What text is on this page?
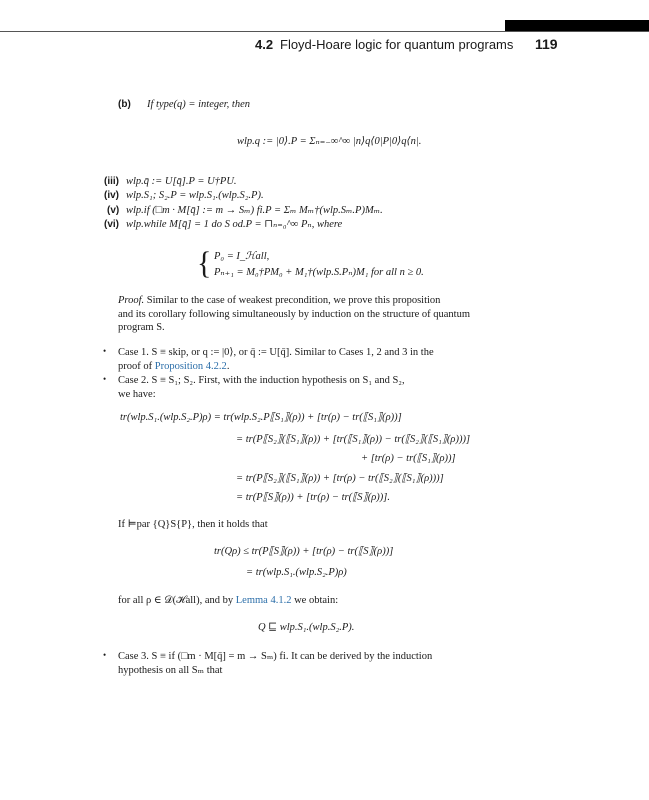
4.2 Floyd-Hoare logic for quantum programs 119
(b) If type(q) = integer, then
wlp.q := |0⟩.P = Σₙ₌₋∞^∞ |n⟩q⟨0|P|0⟩q⟨n|.
(iii) wlp.q̄ := U[q̄].P = U†PU.
(iv) wlp.S₁; S₂.P = wlp.S₁.(wlp.S₂.P).
(v) wlp.if (□m · M[q̄] := m → Sₘ) fi.P = Σₘ Mₘ†(wlp.Sₘ.P)Mₘ.
(vi) wlp.while M[q̄] = 1 do S od.P = ⊓ₙ₌₀^∞ Pₙ, where
{ P₀ = I_ℋall,
Pₙ₊₁ = M₀†PM₀ + M₁†(wlp.S.Pₙ)M₁ for all n ≥ 0.
Proof. Similar to the case of weakest precondition, we prove this proposition
and its corollary following simultaneously by induction on the structure of quantum
program S.
• Case 1. S ≡ skip, or q := |0⟩, or q̄ := U[q̄]. Similar to Cases 1, 2 and 3 in the
proof of Proposition 4.2.2.
• Case 2. S ≡ S₁; S₂. First, with the induction hypothesis on S₁ and S₂,
we have:
tr(wlp.S₁.(wlp.S₂.P)ρ) = tr(wlp.S₂.P⟦S₁⟧(ρ)) + [tr(ρ) − tr(⟦S₁⟧(ρ))]
= tr(P⟦S₂⟧(⟦S₁⟧(ρ)) + [tr(⟦S₁⟧(ρ)) − tr(⟦S₂⟧(⟦S₁⟧(ρ)))]
+ [tr(ρ) − tr(⟦S₁⟧(ρ))]
= tr(P⟦S₂⟧(⟦S₁⟧(ρ)) + [tr(ρ) − tr(⟦S₂⟧(⟦S₁⟧(ρ)))]
= tr(P⟦S⟧(ρ)) + [tr(ρ) − tr(⟦S⟧(ρ))].
If ⊨par {Q}S{P}, then it holds that
tr(Qρ) ≤ tr(P⟦S⟧(ρ)) + [tr(ρ) − tr(⟦S⟧(ρ))]
= tr(wlp.S₁.(wlp.S₂.P)ρ)
for all ρ ∈ 𝒟(ℋall), and by Lemma 4.1.2 we obtain:
Q ⊑ wlp.S₁.(wlp.S₂.P).
• Case 3. S ≡ if (□m · M[q̄] = m → Sₘ) fi. It can be derived by the induction
hypothesis on all Sₘ that
